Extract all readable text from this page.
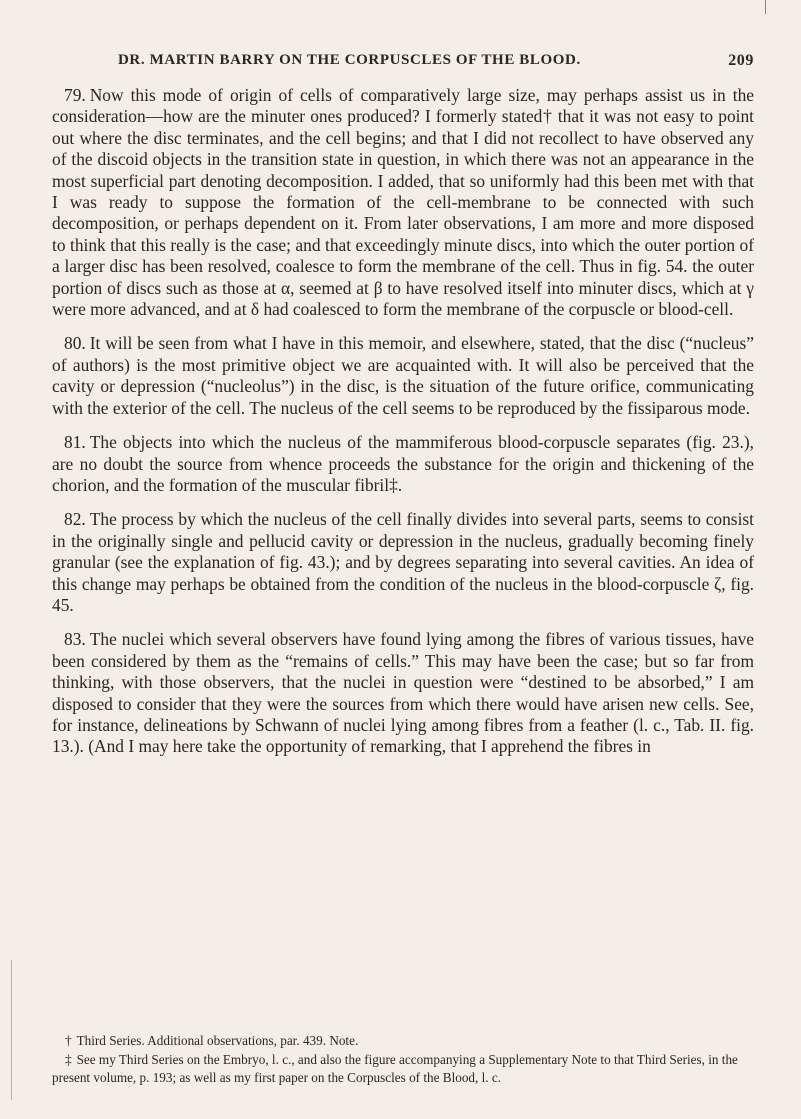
DR. MARTIN BARRY ON THE CORPUSCLES OF THE BLOOD.	209

79. Now this mode of origin of cells of comparatively large size, may perhaps assist us in the consideration—how are the minuter ones produced? I formerly stated† that it was not easy to point out where the disc terminates, and the cell begins; and that I did not recollect to have observed any of the discoid objects in the transition state in question, in which there was not an appearance in the most superficial part denoting decomposition. I added, that so uniformly had this been met with that I was ready to suppose the formation of the cell-membrane to be connected with such decomposition, or perhaps dependent on it. From later observations, I am more and more disposed to think that this really is the case; and that exceedingly minute discs, into which the outer portion of a larger disc has been resolved, coalesce to form the membrane of the cell. Thus in fig. 54. the outer portion of discs such as those at α, seemed at β to have resolved itself into minuter discs, which at γ were more advanced, and at δ had coalesced to form the membrane of the corpuscle or blood-cell.

80. It will be seen from what I have in this memoir, and elsewhere, stated, that the disc (“nucleus” of authors) is the most primitive object we are acquainted with. It will also be perceived that the cavity or depression (“nucleolus”) in the disc, is the situation of the future orifice, communicating with the exterior of the cell. The nucleus of the cell seems to be reproduced by the fissiparous mode.

81. The objects into which the nucleus of the mammiferous blood-corpuscle separates (fig. 23.), are no doubt the source from whence proceeds the substance for the origin and thickening of the chorion, and the formation of the muscular fibril‡.

82. The process by which the nucleus of the cell finally divides into several parts, seems to consist in the originally single and pellucid cavity or depression in the nucleus, gradually becoming finely granular (see the explanation of fig. 43.); and by degrees separating into several cavities. An idea of this change may perhaps be obtained from the condition of the nucleus in the blood-corpuscle ζ, fig. 45.

83. The nuclei which several observers have found lying among the fibres of various tissues, have been considered by them as the “remains of cells.” This may have been the case; but so far from thinking, with those observers, that the nuclei in question were “destined to be absorbed,” I am disposed to consider that they were the sources from which there would have arisen new cells. See, for instance, delineations by Schwann of nuclei lying among fibres from a feather (l. c., Tab. II. fig. 13.). (And I may here take the opportunity of remarking, that I apprehend the fibres in

† Third Series. Additional observations, par. 439. Note.

‡ See my Third Series on the Embryo, l. c., and also the figure accompanying a Supplementary Note to that Third Series, in the present volume, p. 193; as well as my first paper on the Corpuscles of the Blood, l. c.
